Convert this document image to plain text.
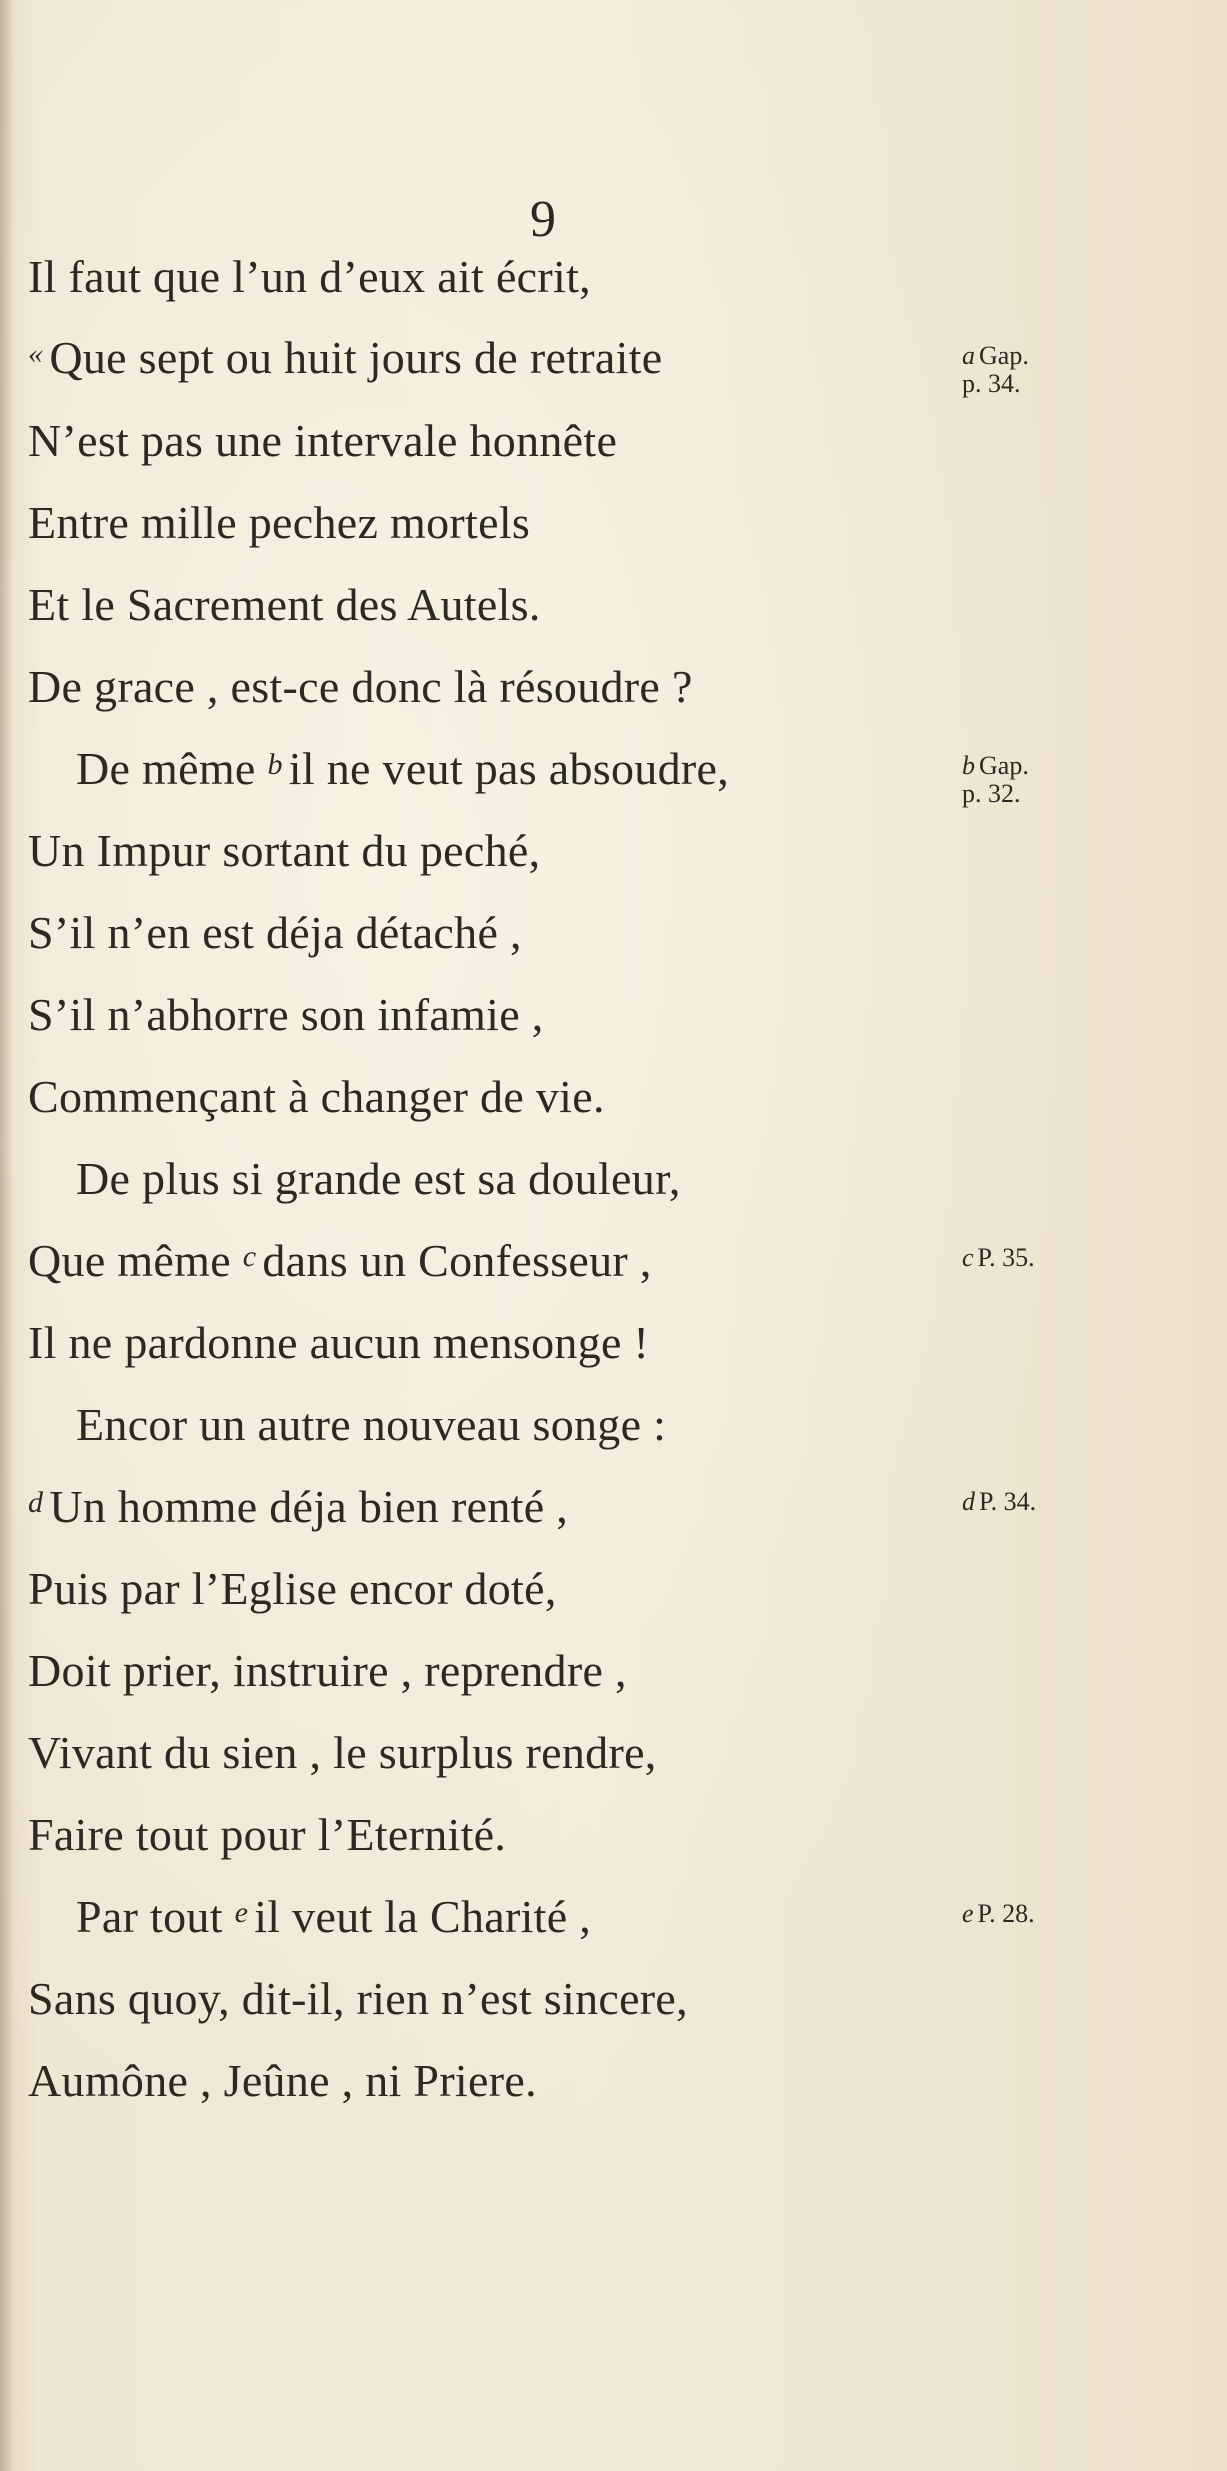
9
Il faut que l’un d’eux ait écrit,
« Que sept ou huit jours de retraite
N’est pas une intervale honnête
Entre mille pechez mortels
Et le Sacrement des Autels.
De grace , est-ce donc là résoudre ?
De même $^b$ il ne veut pas absoudre,
Un Impur sortant du peché,
S’il n’en est déja détaché ,
S’il n’abhorre son infamie ,
Commençant à changer de vie.
De plus si grande est sa douleur,
Que même $^c$ dans un Confesseur ,
Il ne pardonne aucun mensonge !
Encor un autre nouveau songe :
$^d$ Un homme déja bien renté ,
Puis par l’Eglise encor doté,
Doit prier, instruire , reprendre ,
Vivant du sien , le surplus rendre,
Faire tout pour l’Eternité.
Par tout $^e$ il veut la Charité ,
Sans quoy, dit-il, rien n’est sincere,
Aumône , Jeûne , ni Priere.
a Gap.
p. 34.
b Gap.
p. 32.
c P. 35.
d P. 34.
e P. 28.
